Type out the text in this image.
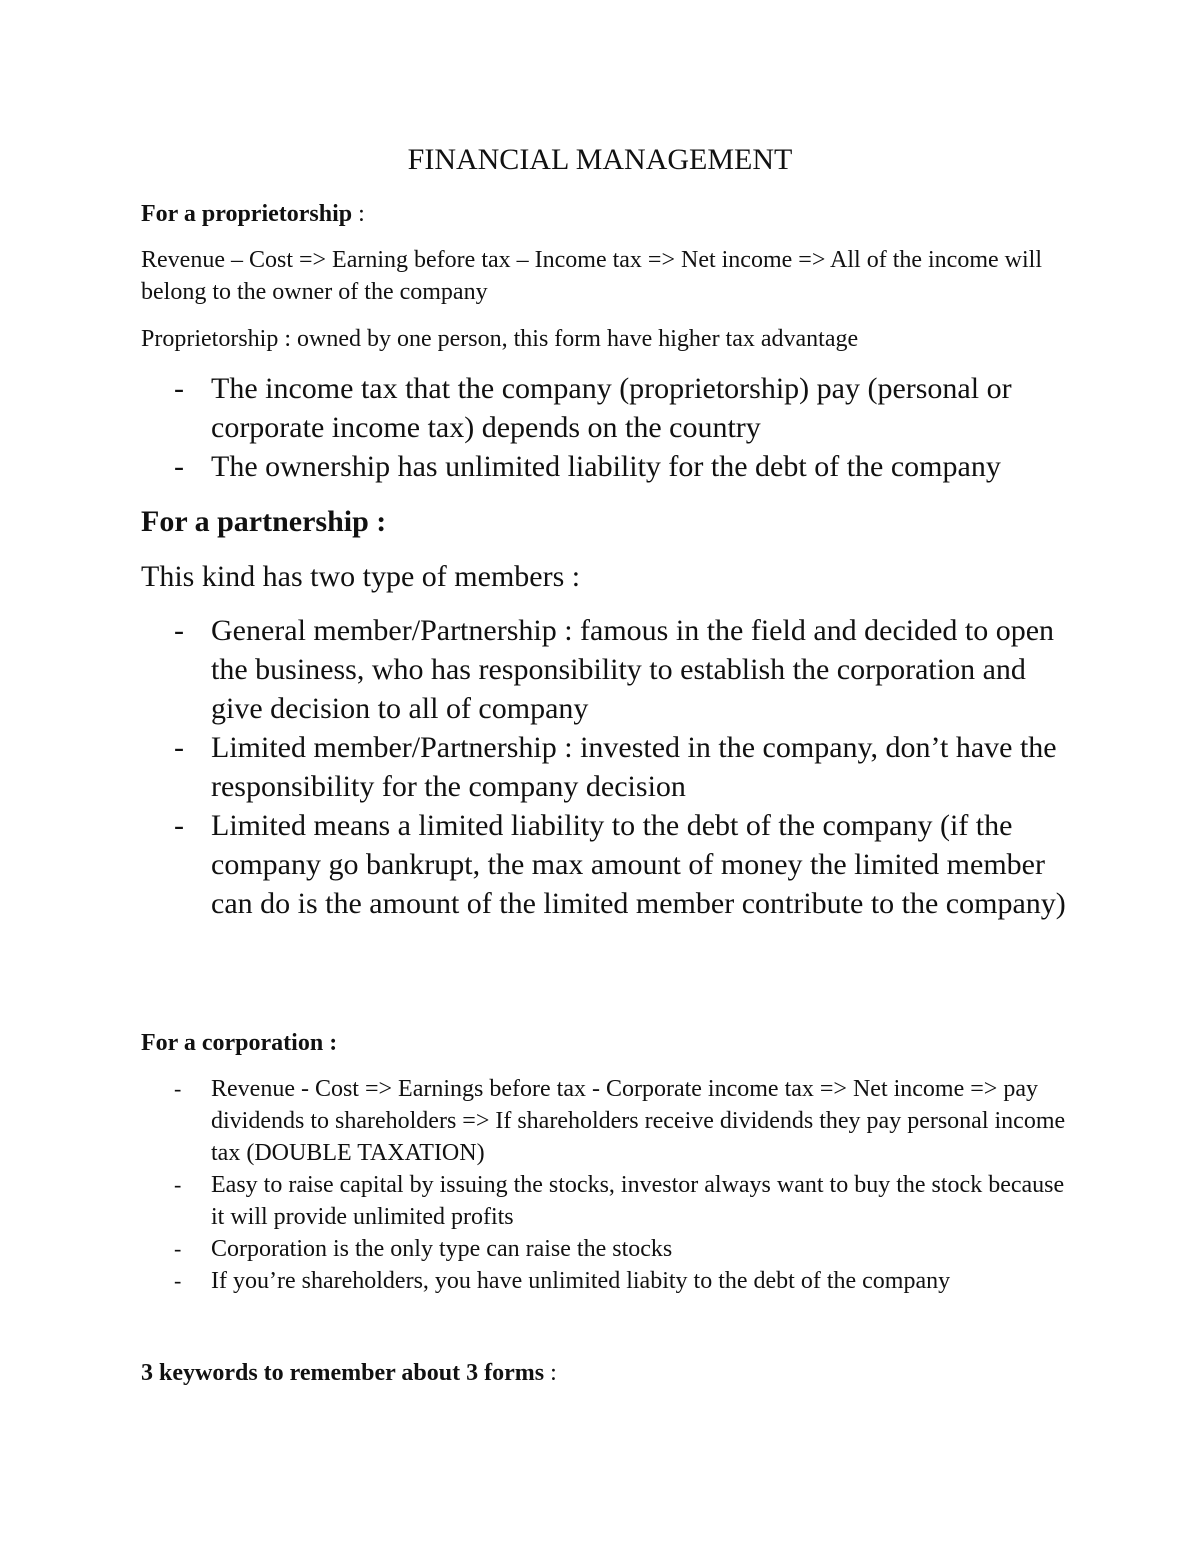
FINANCIAL MANAGEMENT

For a proprietorship :

Revenue – Cost => Earning before tax – Income tax => Net income => All of the income will belong to the owner of the company

Proprietorship : owned by one person, this form have higher tax advantage

- The income tax that the company (proprietorship) pay (personal or corporate income tax) depends on the country
- The ownership has unlimited liability for the debt of the company

For a partnership :

This kind has two type of members :

- General member/Partnership : famous in the field and decided to open the business, who has responsibility to establish the corporation and give decision to all of company
- Limited member/Partnership : invested in the company, don’t have the responsibility for the company decision
- Limited means a limited liability to the debt of the company (if the company go bankrupt, the max amount of money the limited member can do is the amount of the limited member contribute to the company)

For a corporation :

- Revenue - Cost => Earnings before tax - Corporate income tax => Net income => pay dividends to shareholders => If shareholders receive dividends they pay personal income tax (DOUBLE TAXATION)
- Easy to raise capital by issuing the stocks, investor always want to buy the stock because it will provide unlimited profits
- Corporation is the only type can raise the stocks
- If you’re shareholders, you have unlimited liabity to the debt of the company

3 keywords to remember about 3 forms :
